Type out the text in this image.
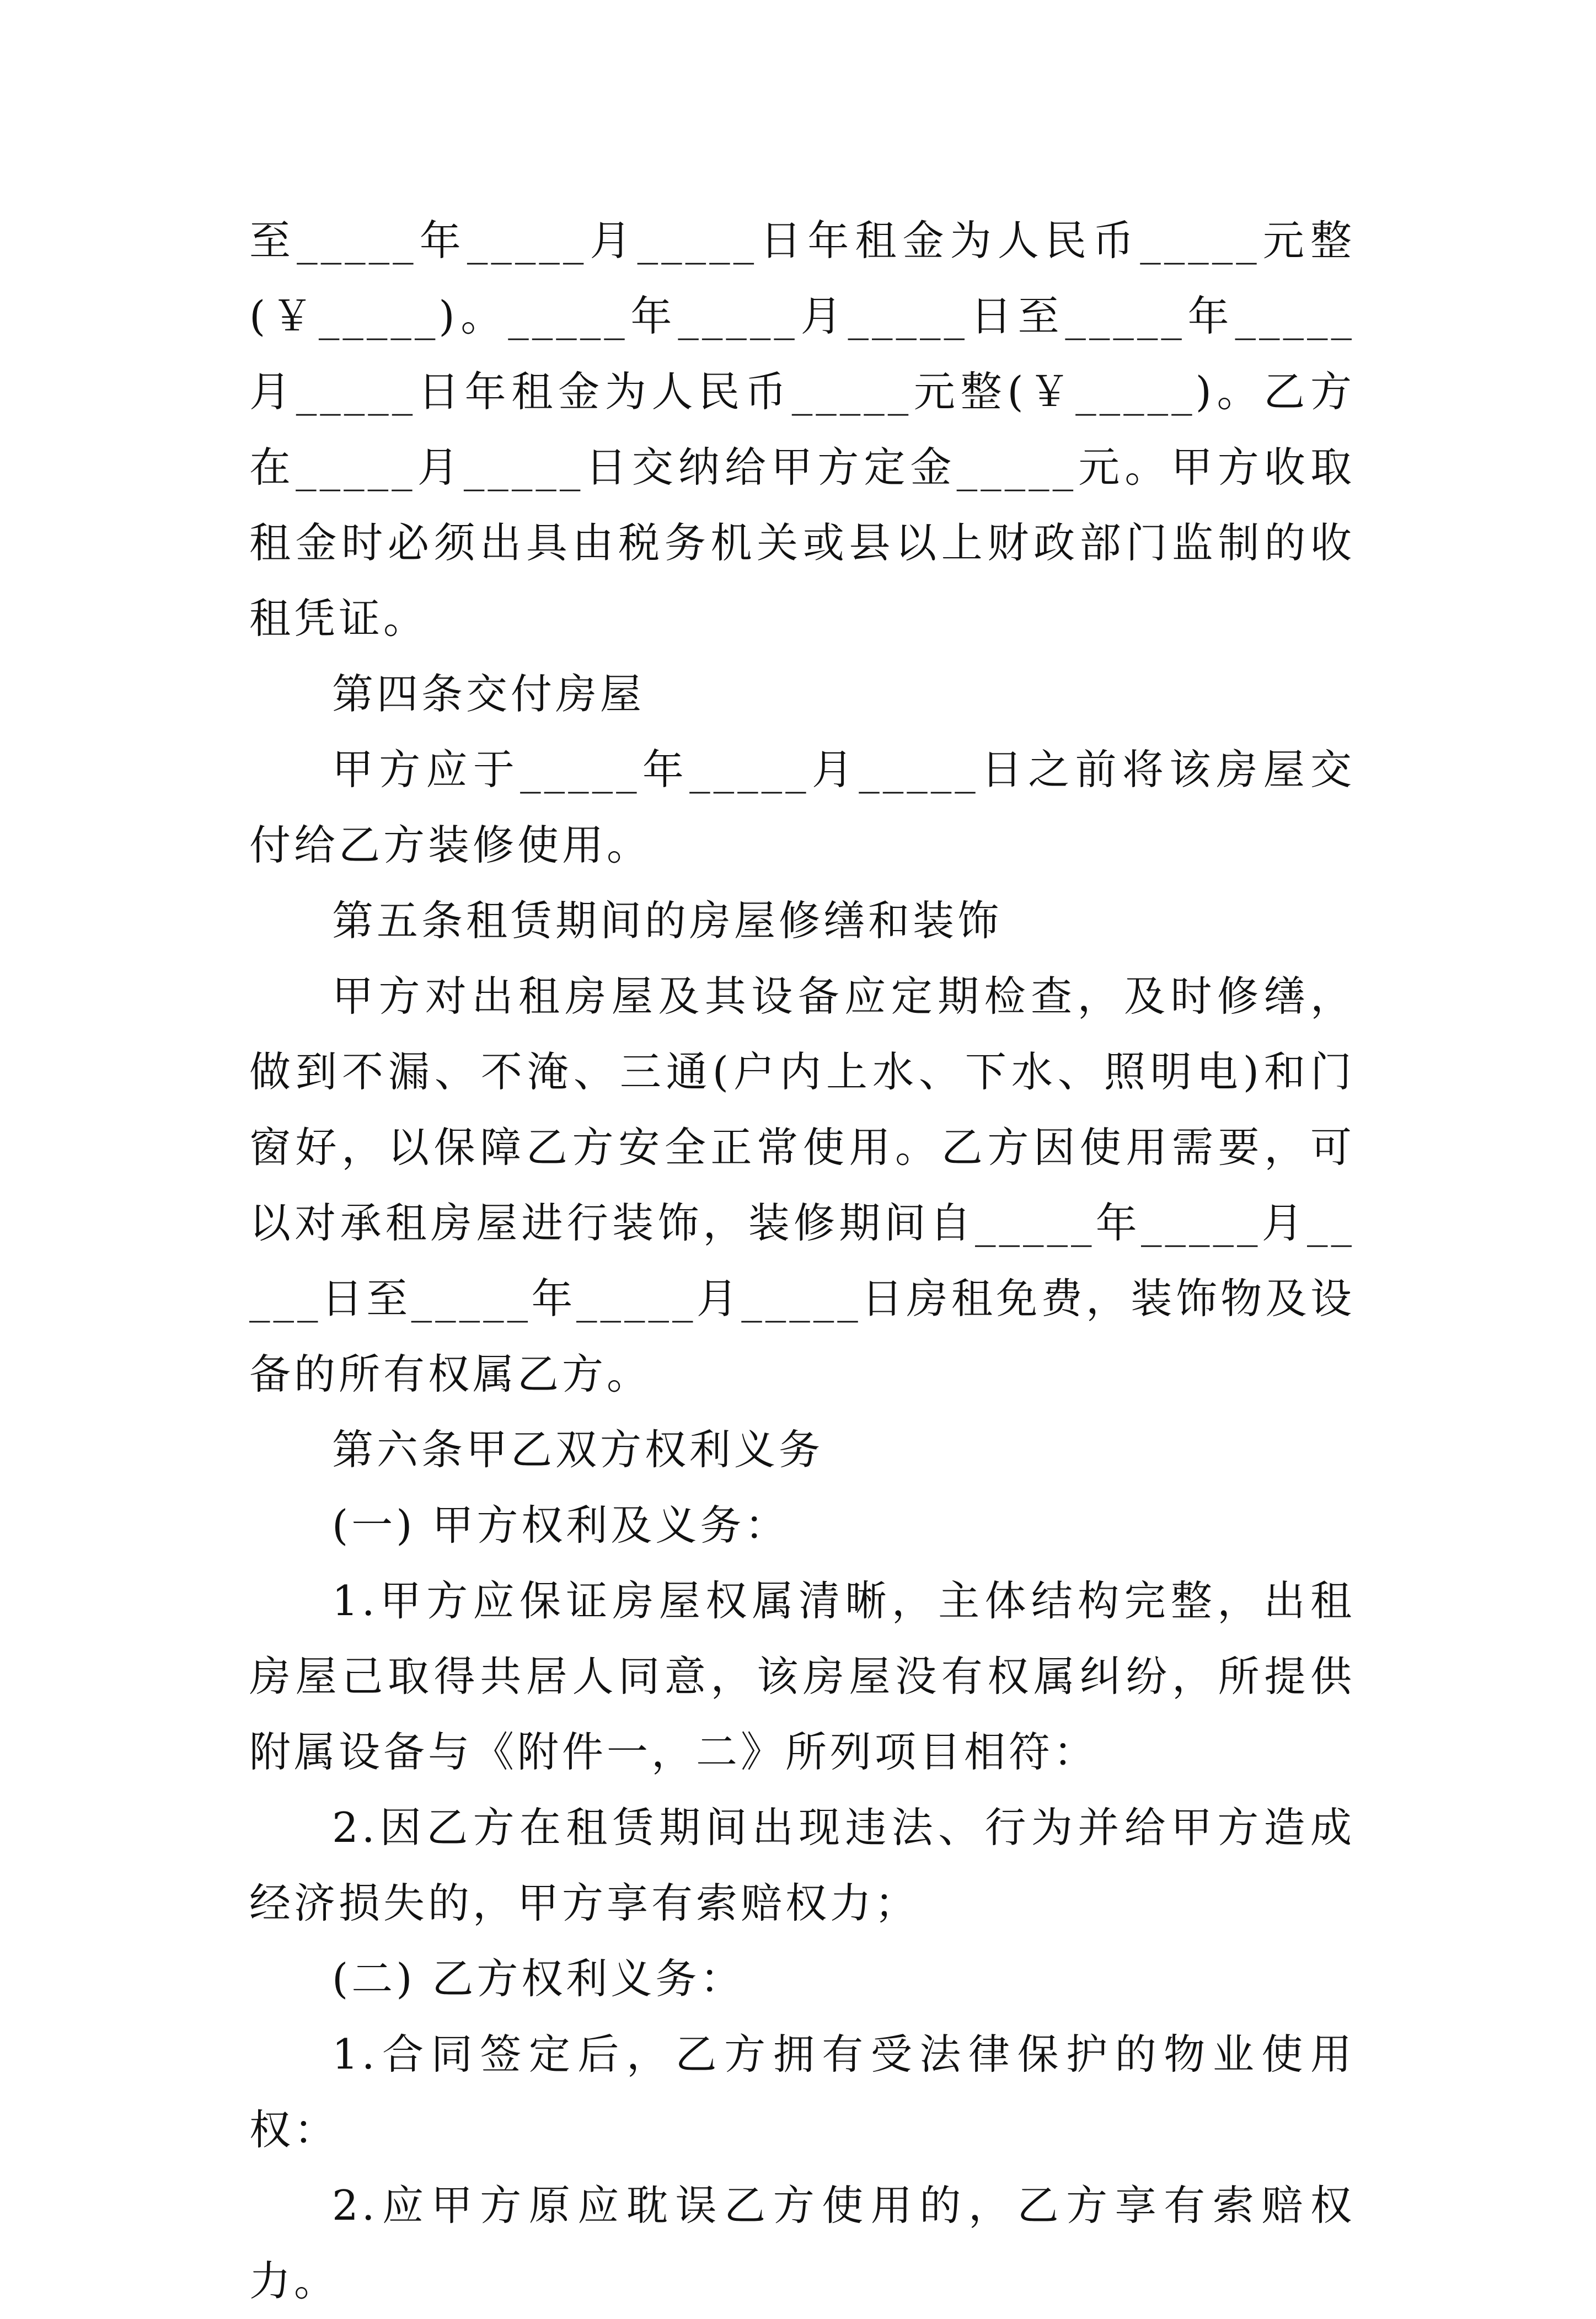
至_____年_____月_____日年租金为人民币_____元整(￥_____)。_____年_____月_____日至_____年_____月_____日年租金为人民币_____元整(￥_____)。乙方在_____月_____日交纳给甲方定金_____元。甲方收取租金时必须出具由税务机关或县以上财政部门监制的收租凭证。

第四条交付房屋

甲方应于_____年_____月_____日之前将该房屋交付给乙方装修使用。

第五条租赁期间的房屋修缮和装饰

甲方对出租房屋及其设备应定期检查，及时修缮，做到不漏、不淹、三通(户内上水、下水、照明电)和门窗好，以保障乙方安全正常使用。乙方因使用需要，可以对承租房屋进行装饰，装修期间自_____年_____月_____日至_____年_____月_____日房租免费，装饰物及设备的所有权属乙方。

第六条甲乙双方权利义务

(一) 甲方权利及义务：

1.甲方应保证房屋权属清晰，主体结构完整，出租房屋己取得共居人同意，该房屋没有权属纠纷，所提供附属设备与《附件一，二》所列项目相符：

2.因乙方在租赁期间出现违法、行为并给甲方造成经济损失的，甲方享有索赔权力；

(二) 乙方权利义务：

1.合同签定后，乙方拥有受法律保护的物业使用权：

2.应甲方原应耽误乙方使用的，乙方享有索赔权力。
